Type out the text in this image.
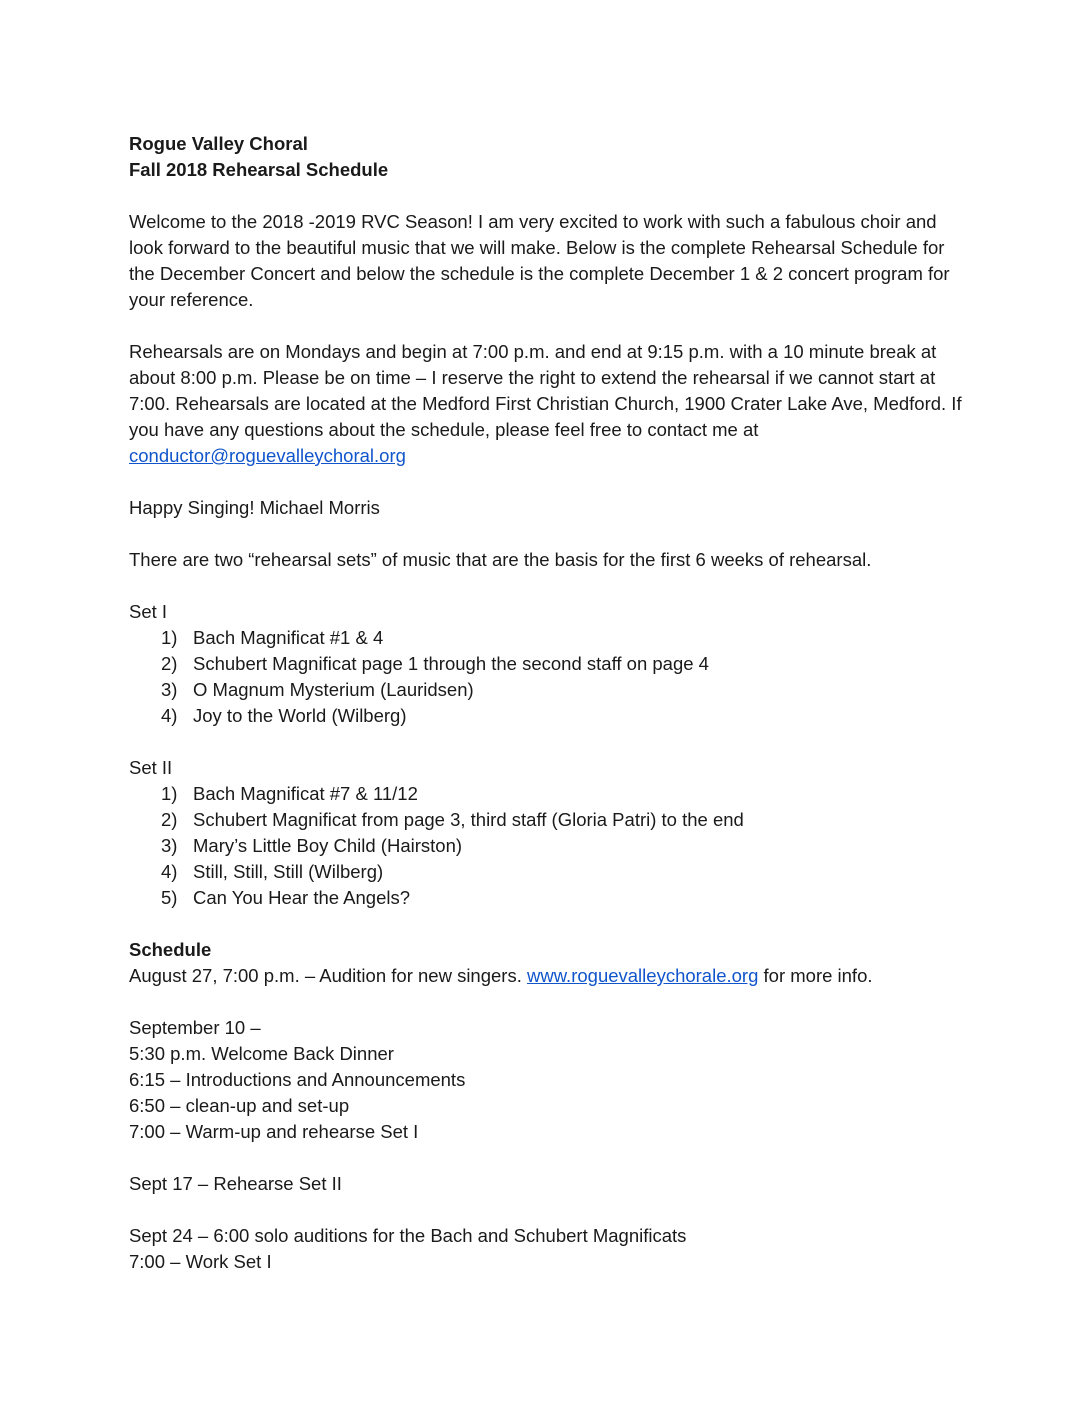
Rogue Valley Choral
Fall 2018 Rehearsal Schedule

Welcome to the 2018 -2019 RVC Season! I am very excited to work with such a fabulous choir and look forward to the beautiful music that we will make. Below is the complete Rehearsal Schedule for the December Concert and below the schedule is the complete December 1 & 2 concert program for your reference.

Rehearsals are on Mondays and begin at 7:00 p.m. and end at 9:15 p.m. with a 10 minute break at about 8:00 p.m. Please be on time – I reserve the right to extend the rehearsal if we cannot start at 7:00. Rehearsals are located at the Medford First Christian Church, 1900 Crater Lake Ave, Medford. If you have any questions about the schedule, please feel free to contact me at
conductor@roguevalleychoral.org

Happy Singing! Michael Morris

There are two “rehearsal sets” of music that are the basis for the first 6 weeks of rehearsal.

Set I
1) Bach Magnificat #1 & 4
2) Schubert Magnificat page 1 through the second staff on page 4
3) O Magnum Mysterium (Lauridsen)
4) Joy to the World (Wilberg)
Set II
1) Bach Magnificat #7 & 11/12
2) Schubert Magnificat from page 3, third staff (Gloria Patri) to the end
3) Mary’s Little Boy Child (Hairston)
4) Still, Still, Still (Wilberg)
5) Can You Hear the Angels?
Schedule
August 27, 7:00 p.m. – Audition for new singers. www.roguevalleychorale.org for more info.
September 10 –
5:30 p.m. Welcome Back Dinner
6:15 – Introductions and Announcements
6:50 – clean-up and set-up
7:00 – Warm-up and rehearse Set I
Sept 17 – Rehearse Set II
Sept 24 – 6:00 solo auditions for the Bach and Schubert Magnificats
7:00 – Work Set I
